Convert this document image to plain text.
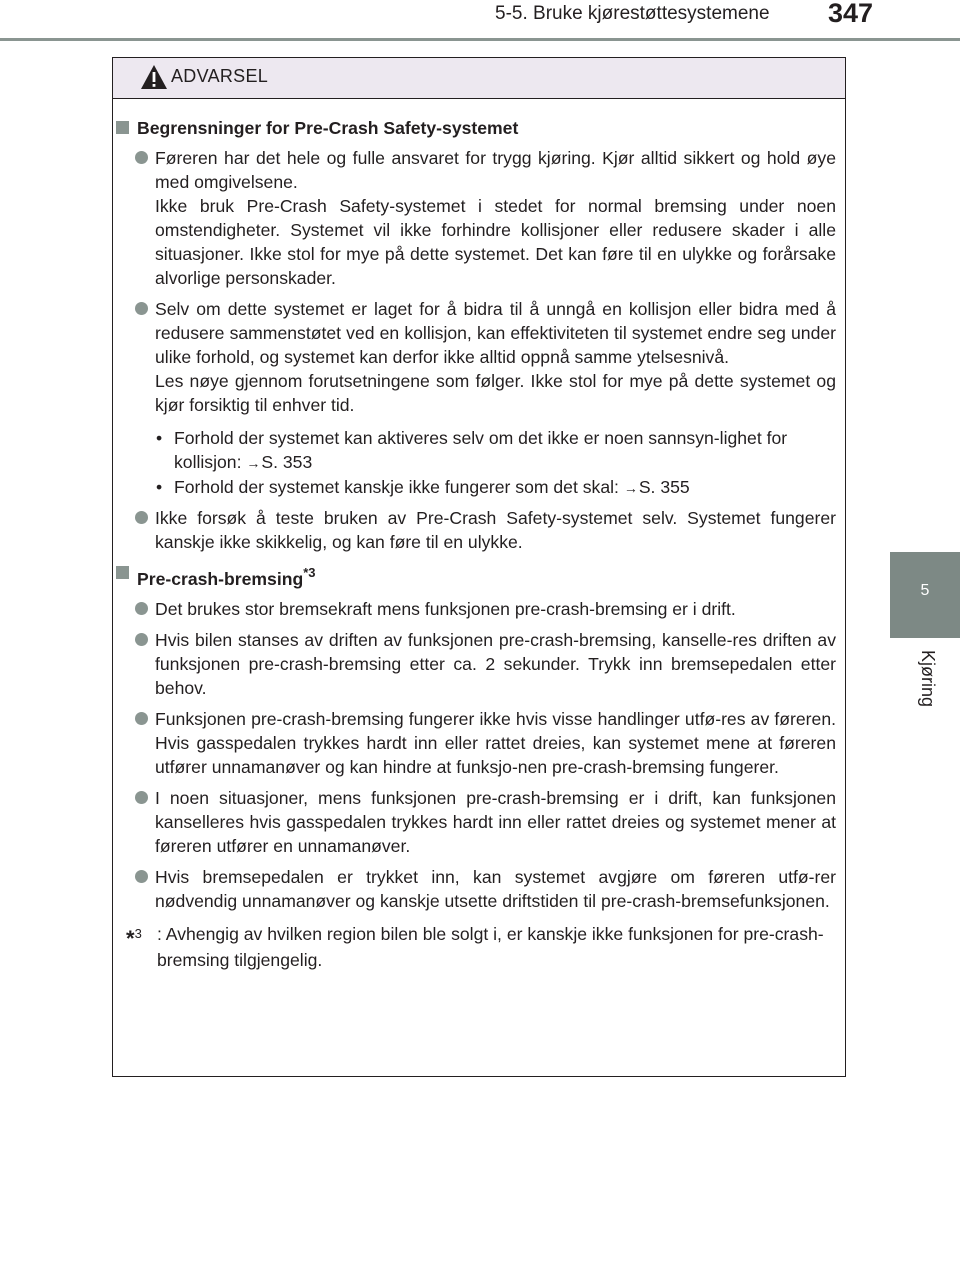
5-5. Bruke kjørestøttesystemene 347
5
Kjøring
ADVARSEL
Begrensninger for Pre-Crash Safety-systemet
Føreren har det hele og fulle ansvaret for trygg kjøring. Kjør alltid sikkert og hold øye med omgivelsene.
Ikke bruk Pre-Crash Safety-systemet i stedet for normal bremsing under noen omstendigheter. Systemet vil ikke forhindre kollisjoner eller redusere skader i alle situasjoner. Ikke stol for mye på dette systemet. Det kan føre til en ulykke og forårsake alvorlige personskader.
Selv om dette systemet er laget for å bidra til å unngå en kollisjon eller bidra med å redusere sammenstøtet ved en kollisjon, kan effektiviteten til systemet endre seg under ulike forhold, og systemet kan derfor ikke alltid oppnå samme ytelsesnivå.
Les nøye gjennom forutsetningene som følger. Ikke stol for mye på dette systemet og kjør forsiktig til enhver tid.
• Forhold der systemet kan aktiveres selv om det ikke er noen sannsyn-lighet for kollisjon: →S. 353
• Forhold der systemet kanskje ikke fungerer som det skal: →S. 355
Ikke forsøk å teste bruken av Pre-Crash Safety-systemet selv. Systemet fungerer kanskje ikke skikkelig, og kan føre til en ulykke.
Pre-crash-bremsing$^{*3}$
Det brukes stor bremsekraft mens funksjonen pre-crash-bremsing er i drift.
Hvis bilen stanses av driften av funksjonen pre-crash-bremsing, kanselle-res driften av funksjonen pre-crash-bremsing etter ca. 2 sekunder. Trykk inn bremsepedalen etter behov.
Funksjonen pre-crash-bremsing fungerer ikke hvis visse handlinger utfø-res av føreren. Hvis gasspedalen trykkes hardt inn eller rattet dreies, kan systemet mene at føreren utfører unnamanøver og kan hindre at funksjo-nen pre-crash-bremsing fungerer.
I noen situasjoner, mens funksjonen pre-crash-bremsing er i drift, kan funksjonen kanselleres hvis gasspedalen trykkes hardt inn eller rattet dreies og systemet mener at føreren utfører en unnamanøver.
Hvis bremsepedalen er trykket inn, kan systemet avgjøre om føreren utfø-rer nødvendig unnamanøver og kanskje utsette driftstiden til pre-crash-bremsefunksjonen.
*$^3$ : Avhengig av hvilken region bilen ble solgt i, er kanskje ikke funksjonen for pre-crash-bremsing tilgjengelig.
